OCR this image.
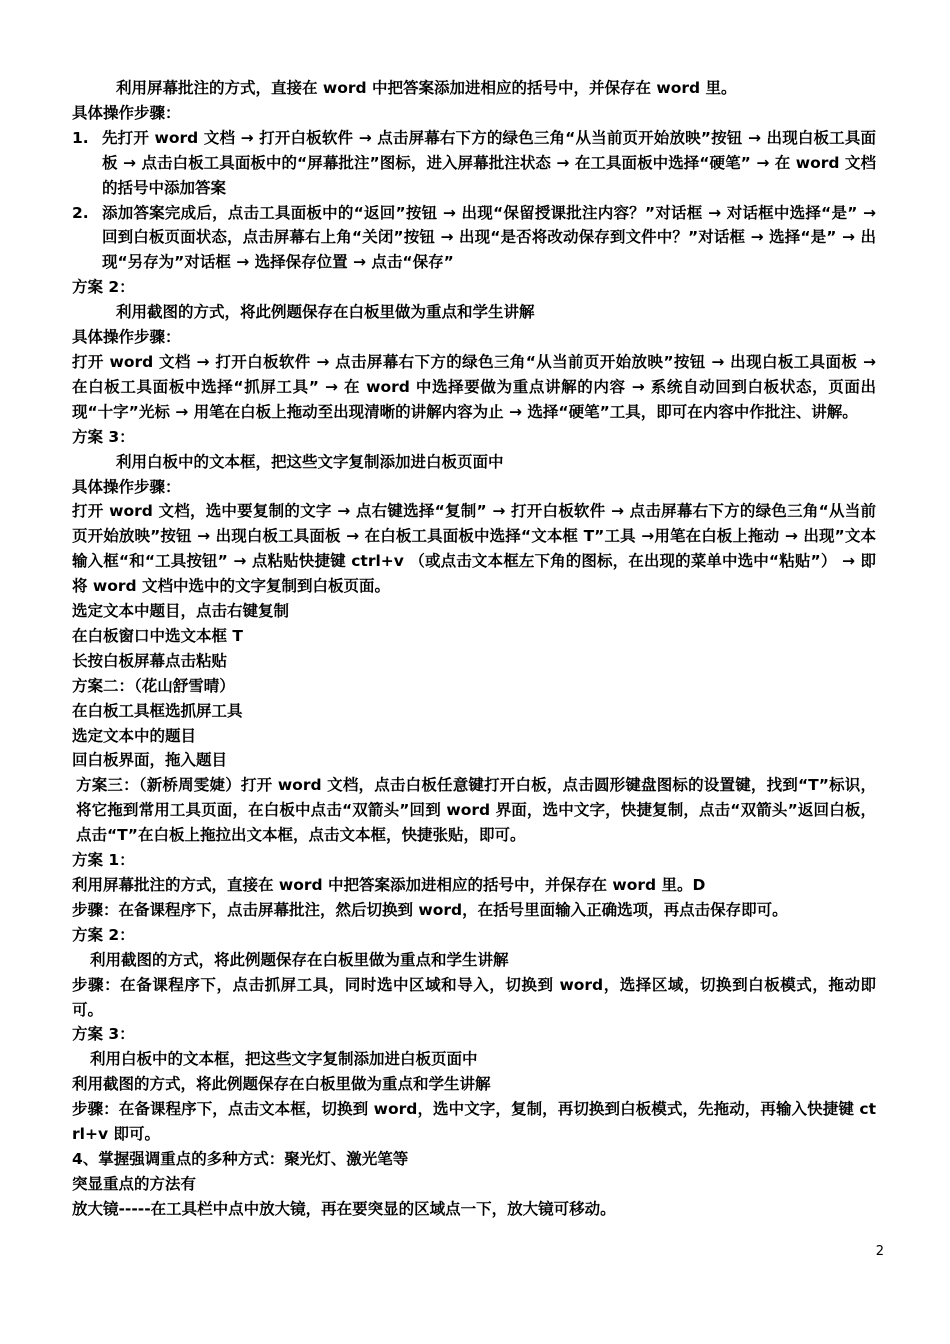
利用屏幕批注的方式，直接在 word 中把答案添加进相应的括号中，并保存在 word 里。

具体操作步骤：

1. 先打开 word 文档 → 打开白板软件 → 点击屏幕右下方的绿色三角“从当前页开始放映”按钮 → 出现白板工具面板 → 点击白板工具面板中的“屏幕批注”图标，进入屏幕批注状态 → 在工具面板中选择“硬笔” → 在 word 文档的括号中添加答案
2. 添加答案完成后，点击工具面板中的“返回”按钮 → 出现“保留授课批注内容？”对话框 → 对话框中选择“是” → 回到白板页面状态，点击屏幕右上角“关闭”按钮 → 出现“是否将改动保存到文件中？”对话框 → 选择“是” → 出现“另存为”对话框 → 选择保存位置 → 点击“保存”

方案 2：

利用截图的方式，将此例题保存在白板里做为重点和学生讲解

具体操作步骤：

打开 word 文档 → 打开白板软件 → 点击屏幕右下方的绿色三角“从当前页开始放映”按钮 → 出现白板工具面板 → 在白板工具面板中选择“抓屏工具” → 在 word 中选择要做为重点讲解的内容 → 系统自动回到白板状态，页面出现“十字”光标 → 用笔在白板上拖动至出现清晰的讲解内容为止 → 选择“硬笔”工具，即可在内容中作批注、讲解。

方案 3：

利用白板中的文本框，把这些文字复制添加进白板页面中

具体操作步骤：

打开 word 文档，选中要复制的文字 → 点右键选择“复制” → 打开白板软件 → 点击屏幕右下方的绿色三角“从当前页开始放映”按钮 → 出现白板工具面板 → 在白板工具面板中选择“文本框 T”工具 →用笔在白板上拖动 → 出现”文本输入框“和“工具按钮” → 点粘贴快捷键 ctrl+v （或点击文本框左下角的图标，在出现的菜单中选中“粘贴”） → 即将 word 文档中选中的文字复制到白板页面。

选定文本中题目，点击右键复制

在白板窗口中选文本框 T

长按白板屏幕点击粘贴

方案二：（花山舒雪晴）

在白板工具框选抓屏工具

选定文本中的题目

回白板界面，拖入题目

方案三：（新桥周雯婕）打开 word 文档，点击白板任意键打开白板，点击圆形键盘图标的设置键，找到“T”标识，将它拖到常用工具页面，在白板中点击“双箭头”回到 word 界面，选中文字，快捷复制，点击“双箭头”返回白板，点击“T”在白板上拖拉出文本框，点击文本框，快捷张贴，即可。

方案 1：

利用屏幕批注的方式，直接在 word 中把答案添加进相应的括号中，并保存在 word 里。D

步骤：在备课程序下，点击屏幕批注，然后切换到 word，在括号里面输入正确选项，再点击保存即可。

方案 2：

利用截图的方式，将此例题保存在白板里做为重点和学生讲解

步骤：在备课程序下，点击抓屏工具，同时选中区域和导入，切换到 word，选择区域，切换到白板模式，拖动即可。

方案 3：

利用白板中的文本框，把这些文字复制添加进白板页面中

利用截图的方式，将此例题保存在白板里做为重点和学生讲解

步骤：在备课程序下，点击文本框，切换到 word，选中文字，复制，再切换到白板模式，先拖动，再输入快捷键 ctrl+v 即可。

4、掌握强调重点的多种方式：聚光灯、激光笔等

突显重点的方法有

放大镜-----在工具栏中点中放大镜，再在要突显的区域点一下，放大镜可移动。

2
